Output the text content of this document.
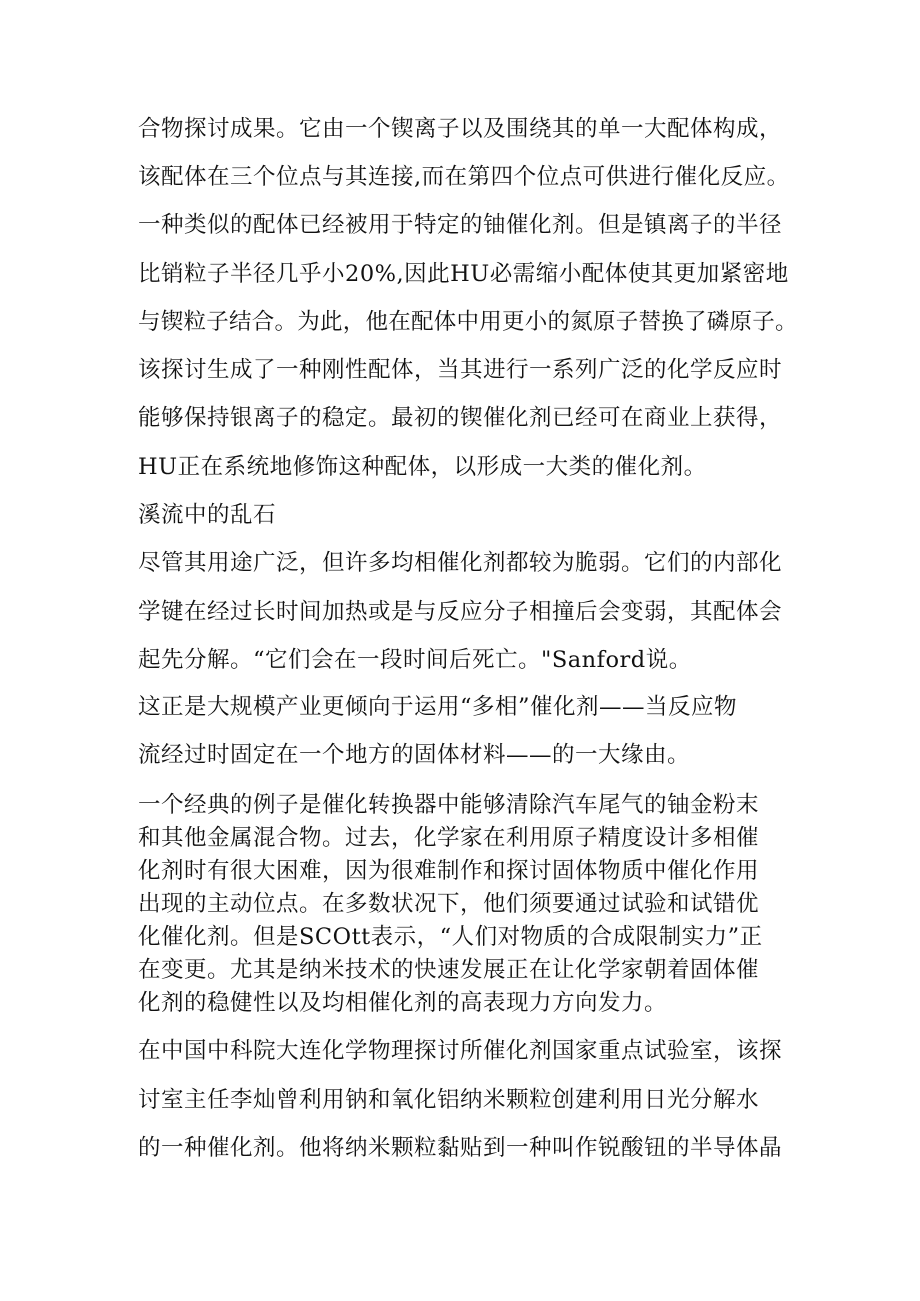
合物探讨成果。它由一个锲离子以及围绕其的单一大配体构成，
该配体在三个位点与其连接,而在第四个位点可供进行催化反应。
一种类似的配体已经被用于特定的铀催化剂。但是镇离子的半径
比销粒子半径几乎小20%,因此HU必需缩小配体使其更加紧密地
与锲粒子结合。为此，他在配体中用更小的氮原子替换了磷原子。
该探讨生成了一种刚性配体，当其进行一系列广泛的化学反应时
能够保持银离子的稳定。最初的锲催化剂已经可在商业上获得，
HU正在系统地修饰这种配体，以形成一大类的催化剂。
溪流中的乱石
尽管其用途广泛，但许多均相催化剂都较为脆弱。它们的内部化
学键在经过长时间加热或是与反应分子相撞后会变弱，其配体会
起先分解。“它们会在一段时间后死亡。"Sanford说。
这正是大规模产业更倾向于运用“多相”催化剂——当反应物
流经过时固定在一个地方的固体材料——的一大缘由。
一个经典的例子是催化转换器中能够清除汽车尾气的铀金粉末
和其他金属混合物。过去，化学家在利用原子精度设计多相催
化剂时有很大困难，因为很难制作和探讨固体物质中催化作用
出现的主动位点。在多数状况下，他们须要通过试验和试错优
化催化剂。但是SCOtt表示，“人们对物质的合成限制实力”正
在变更。尤其是纳米技术的快速发展正在让化学家朝着固体催
化剂的稳健性以及均相催化剂的高表现力方向发力。
在中国中科院大连化学物理探讨所催化剂国家重点试验室，该探
讨室主任李灿曾利用钠和氧化铝纳米颗粒创建利用日光分解水
的一种催化剂。他将纳米颗粒黏贴到一种叫作锐酸钮的半导体晶
